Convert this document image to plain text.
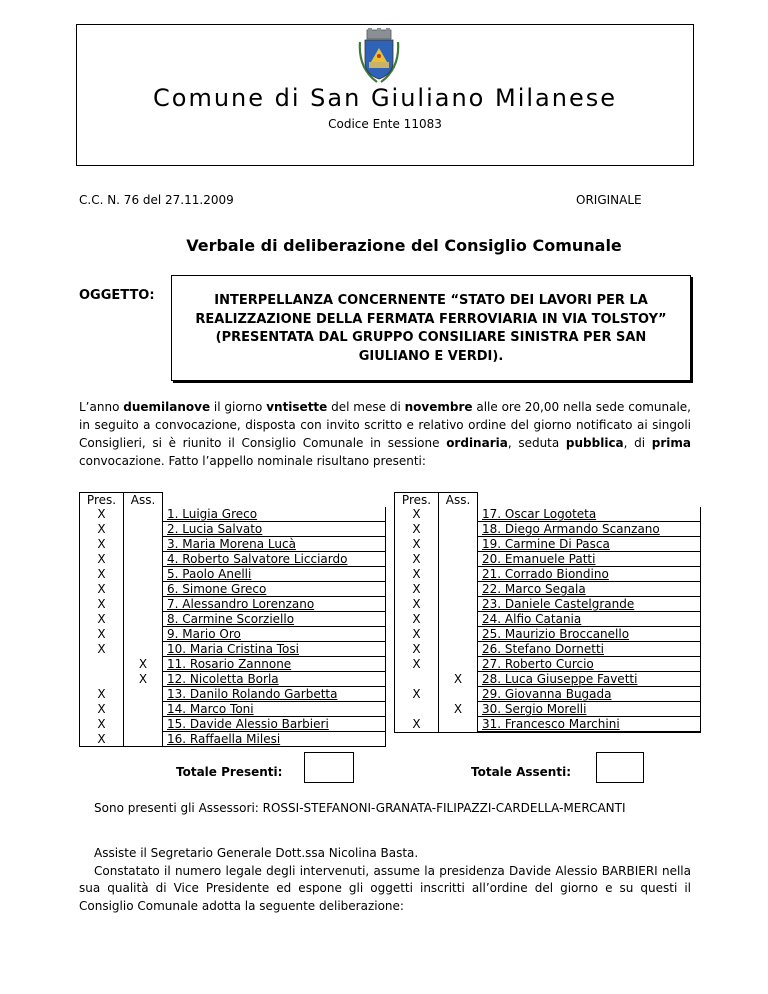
Comune di San Giuliano Milanese
Codice Ente 11083
C.C. N. 76 del 27.11.2009	ORIGINALE
Verbale di deliberazione del Consiglio Comunale
OGGETTO:	INTERPELLANZA CONCERNENTE “STATO DEI LAVORI PER LA REALIZZAZIONE DELLA FERMATA FERROVIARIA IN VIA TOLSTOY” (PRESENTATA DAL GRUPPO CONSILIARE SINISTRA PER SAN GIULIANO E VERDI).
L’anno duemilanove il giorno vntisette del mese di novembre alle ore 20,00 nella sede comunale, in seguito a convocazione, disposta con invito scritto e relativo ordine del giorno notificato ai singoli Consiglieri, si è riunito il Consiglio Comunale in sessione ordinaria, seduta pubblica, di prima convocazione. Fatto l’appello nominale risultano presenti:
Pres.	Ass.	
X		1. Luigia Greco
X		2. Lucia Salvato
X		3. Maria Morena Lucà
X		4. Roberto Salvatore Licciardo
X		5. Paolo Anelli
X		6. Simone Greco
X		7. Alessandro Lorenzano
X		8. Carmine Scorziello
X		9. Mario Oro
X		10. Maria Cristina Tosi
	X	11. Rosario Zannone
	X	12. Nicoletta Borla
X		13. Danilo Rolando Garbetta
X		14. Marco Toni
X		15. Davide Alessio Barbieri
X		16. Raffaella Milesi
Pres.	Ass.	
X		17. Oscar Logoteta
X		18. Diego Armando Scanzano
X		19. Carmine Di Pasca
X		20. Emanuele Patti
X		21. Corrado Biondino
X		22. Marco Segala
X		23. Daniele Castelgrande
X		24. Alfio Catania
X		25. Maurizio Broccanello
X		26. Stefano Dornetti
X		27. Roberto Curcio
	X	28. Luca Giuseppe Favetti
X		29. Giovanna Bugada
	X	30. Sergio Morelli
X		31. Francesco Marchini

Totale Presenti:	Totale Assenti:
Sono presenti gli Assessori: ROSSI-STEFANONI-GRANATA-FILIPAZZI-CARDELLA-MERCANTI

Assiste il Segretario Generale Dott.ssa Nicolina Basta.

Constatato il numero legale degli intervenuti, assume la presidenza Davide Alessio BARBIERI nella sua qualità di Vice Presidente ed espone gli oggetti inscritti all’ordine del giorno e su questi il Consiglio Comunale adotta la seguente deliberazione:
